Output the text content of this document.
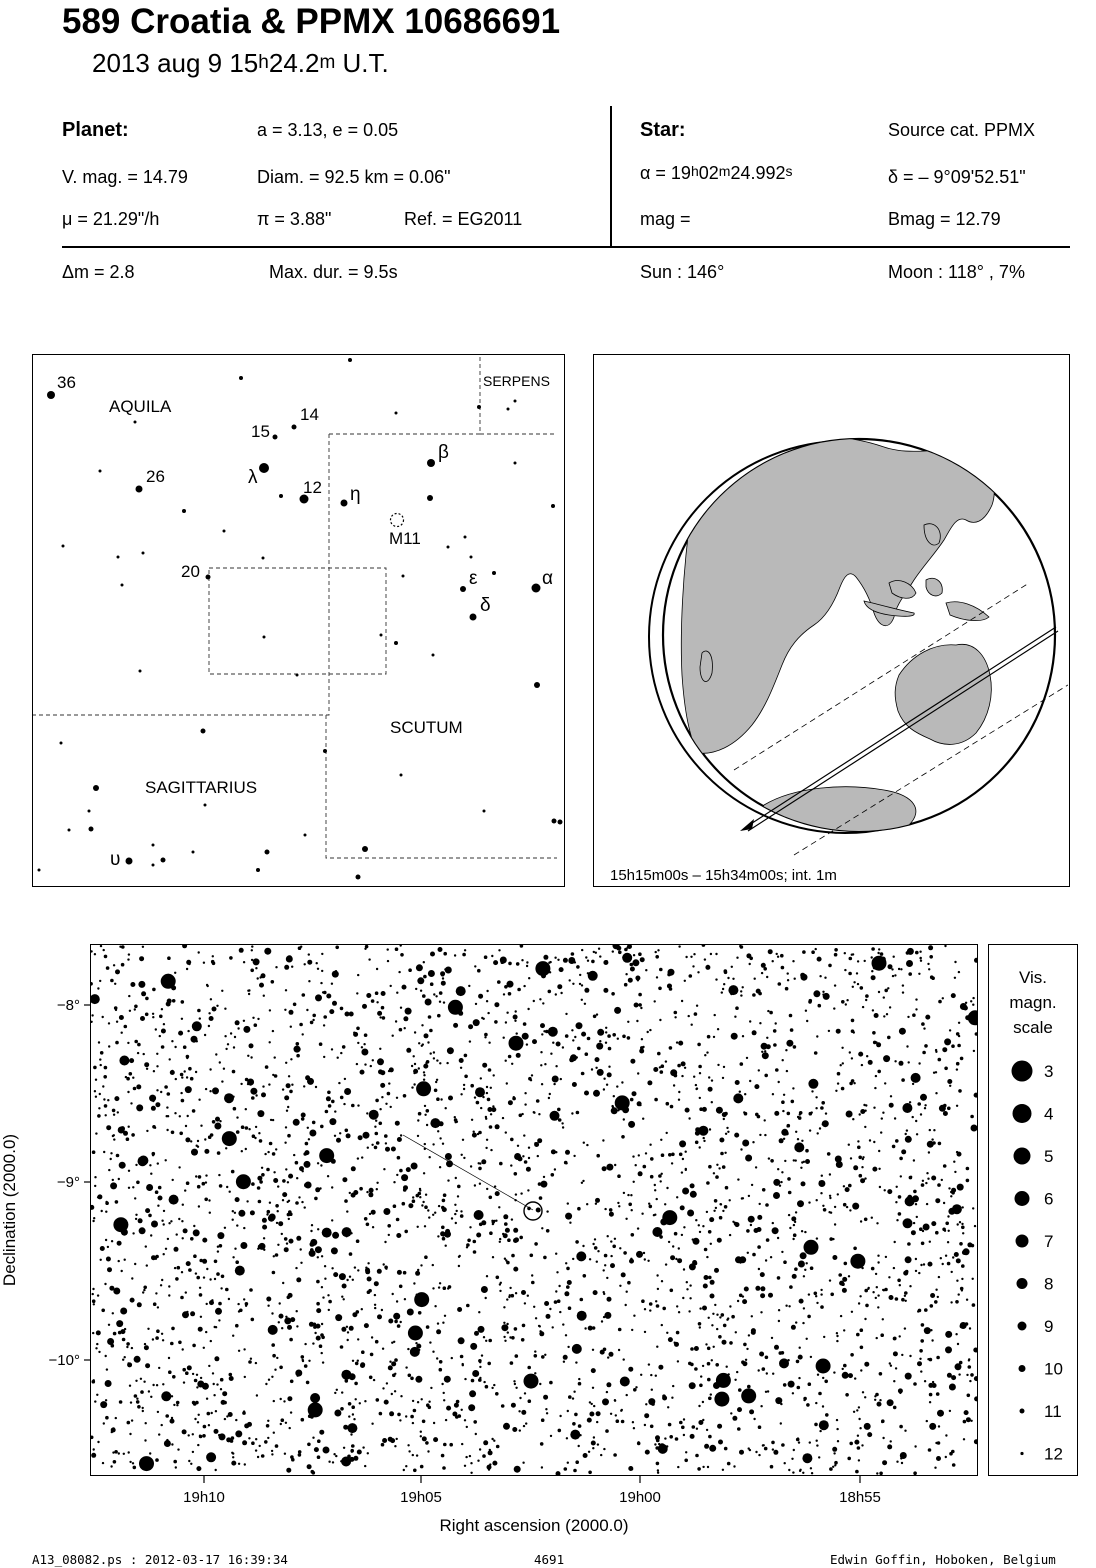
589 Croatia & PPMX 10686691
2013 aug 9 15$^h$24.2$^m$ U.T.
Planet:	a = 3.13, e = 0.05
V. mag. = 14.79	Diam. = 92.5 km = 0.06"
μ = 21.29"/h	π = 3.88"	Ref. = EG2011
Star:	Source cat. PPMX
$\alpha = 19^h02^m24.992^s$	δ = – 9°09'52.51"
mag =	Bmag = 12.79
Δm = 2.8	Max. dur. = 9.5s	Sun : 146°	Moon : 118° , 7%
AQUILA
SERPENS
SCUTUM
SAGITTARIUS
M11
36
15
14
26	λ	12 η
β
20	ε
δ
α
υ
15h15m00s – 15h34m00s; int. 1m
−8°
−9°
−10°
19h10	19h05	19h00	18h55
Right ascension (2000.0)
Declination (2000.0)
Vis.
magn.
scale
3
4
5
6
7
8
9
10
11
12
A13_08082.ps : 2012-03-17 16:39:34	4691	Edwin Goffin, Hoboken, Belgium
